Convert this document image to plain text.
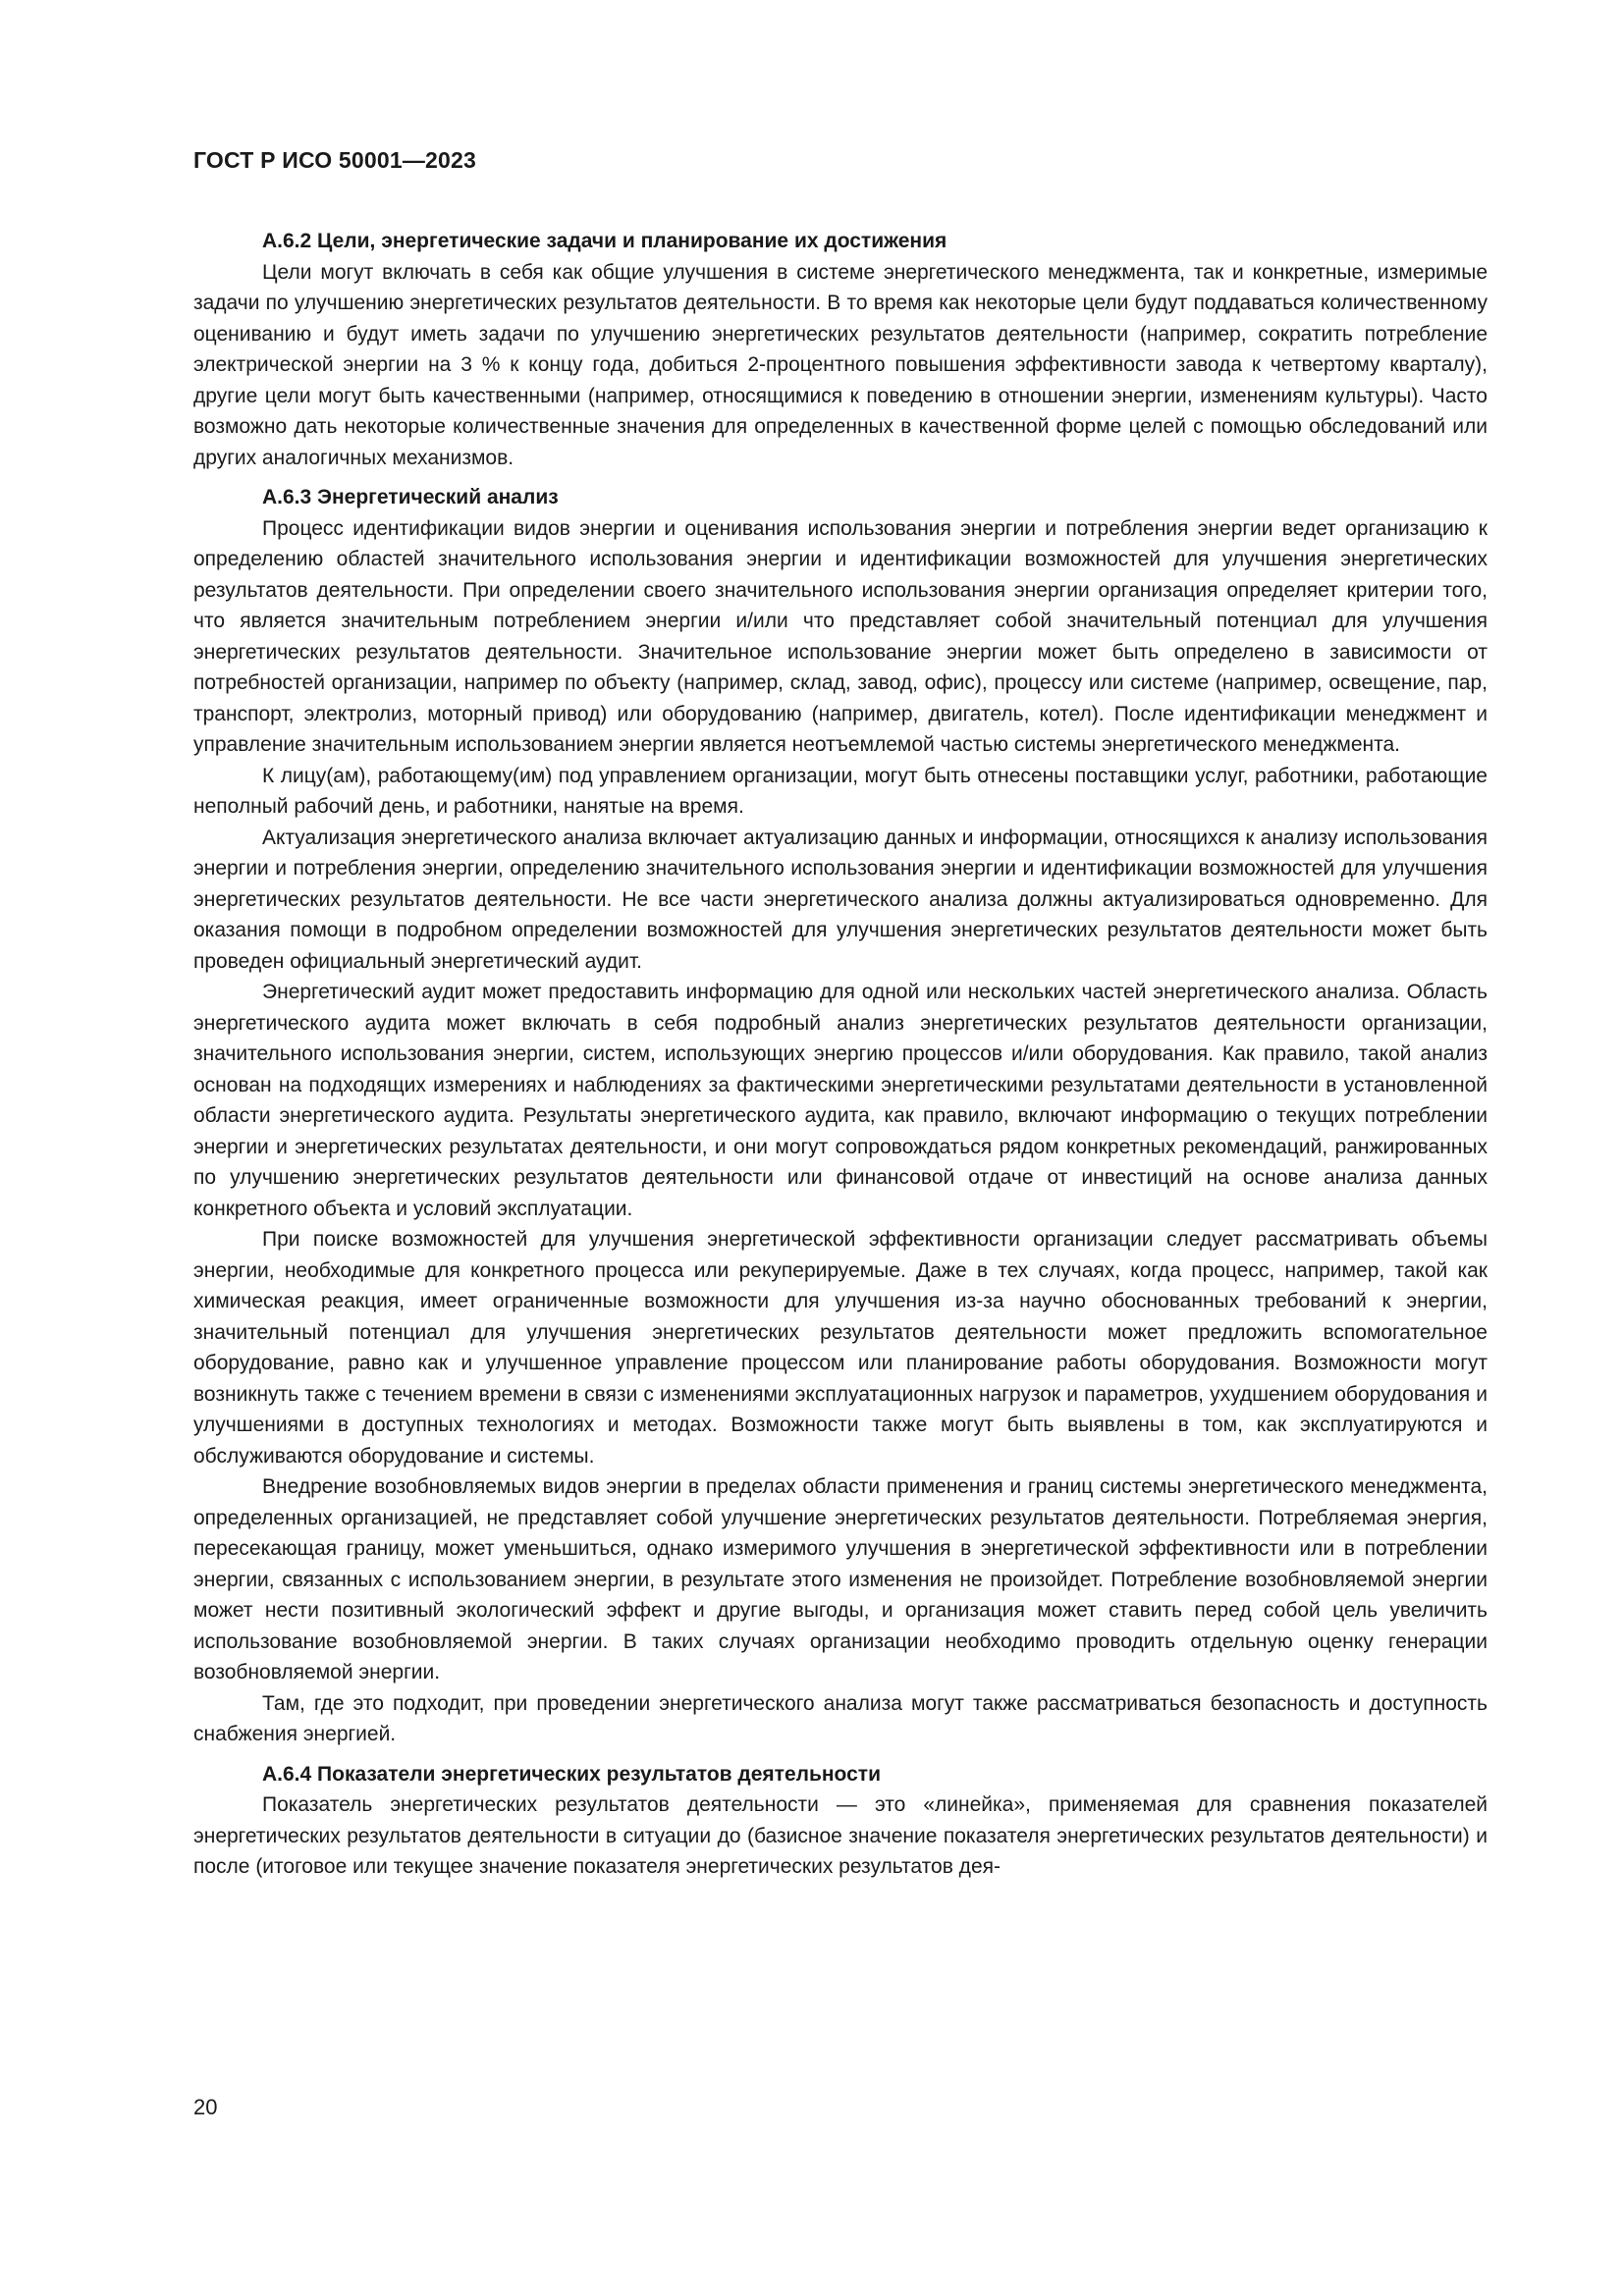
ГОСТ Р ИСО 50001—2023

А.6.2 Цели, энергетические задачи и планирование их достижения

Цели могут включать в себя как общие улучшения в системе энергетического менеджмента, так и конкретные, измеримые задачи по улучшению энергетических результатов деятельности. В то время как некоторые цели будут поддаваться количественному оцениванию и будут иметь задачи по улучшению энергетических результатов деятельности (например, сократить потребление электрической энергии на 3 % к концу года, добиться 2-процентного повышения эффективности завода к четвертому кварталу), другие цели могут быть качественными (например, относящимися к поведению в отношении энергии, изменениям культуры). Часто возможно дать некоторые количественные значения для определенных в качественной форме целей с помощью обследований или других аналогичных механизмов.

А.6.3 Энергетический анализ

Процесс идентификации видов энергии и оценивания использования энергии и потребления энергии ведет организацию к определению областей значительного использования энергии и идентификации возможностей для улучшения энергетических результатов деятельности. При определении своего значительного использования энергии организация определяет критерии того, что является значительным потреблением энергии и/или что представляет собой значительный потенциал для улучшения энергетических результатов деятельности. Значительное использование энергии может быть определено в зависимости от потребностей организации, например по объекту (например, склад, завод, офис), процессу или системе (например, освещение, пар, транспорт, электролиз, моторный привод) или оборудованию (например, двигатель, котел). После идентификации менеджмент и управление значительным использованием энергии является неотъемлемой частью системы энергетического менеджмента.

К лицу(ам), работающему(им) под управлением организации, могут быть отнесены поставщики услуг, работники, работающие неполный рабочий день, и работники, нанятые на время.

Актуализация энергетического анализа включает актуализацию данных и информации, относящихся к анализу использования энергии и потребления энергии, определению значительного использования энергии и идентификации возможностей для улучшения энергетических результатов деятельности. Не все части энергетического анализа должны актуализироваться одновременно. Для оказания помощи в подробном определении возможностей для улучшения энергетических результатов деятельности может быть проведен официальный энергетический аудит.

Энергетический аудит может предоставить информацию для одной или нескольких частей энергетического анализа. Область энергетического аудита может включать в себя подробный анализ энергетических результатов деятельности организации, значительного использования энергии, систем, использующих энергию процессов и/или оборудования. Как правило, такой анализ основан на подходящих измерениях и наблюдениях за фактическими энергетическими результатами деятельности в установленной области энергетического аудита. Результаты энергетического аудита, как правило, включают информацию о текущих потреблении энергии и энергетических результатах деятельности, и они могут сопровождаться рядом конкретных рекомендаций, ранжированных по улучшению энергетических результатов деятельности или финансовой отдаче от инвестиций на основе анализа данных конкретного объекта и условий эксплуатации.

При поиске возможностей для улучшения энергетической эффективности организации следует рассматривать объемы энергии, необходимые для конкретного процесса или рекуперируемые. Даже в тех случаях, когда процесс, например, такой как химическая реакция, имеет ограниченные возможности для улучшения из-за научно обоснованных требований к энергии, значительный потенциал для улучшения энергетических результатов деятельности может предложить вспомогательное оборудование, равно как и улучшенное управление процессом или планирование работы оборудования. Возможности могут возникнуть также с течением времени в связи с изменениями эксплуатационных нагрузок и параметров, ухудшением оборудования и улучшениями в доступных технологиях и методах. Возможности также могут быть выявлены в том, как эксплуатируются и обслуживаются оборудование и системы.

Внедрение возобновляемых видов энергии в пределах области применения и границ системы энергетического менеджмента, определенных организацией, не представляет собой улучшение энергетических результатов деятельности. Потребляемая энергия, пересекающая границу, может уменьшиться, однако измеримого улучшения в энергетической эффективности или в потреблении энергии, связанных с использованием энергии, в результате этого изменения не произойдет. Потребление возобновляемой энергии может нести позитивный экологический эффект и другие выгоды, и организация может ставить перед собой цель увеличить использование возобновляемой энергии. В таких случаях организации необходимо проводить отдельную оценку генерации возобновляемой энергии.

Там, где это подходит, при проведении энергетического анализа могут также рассматриваться безопасность и доступность снабжения энергией.

А.6.4 Показатели энергетических результатов деятельности

Показатель энергетических результатов деятельности — это «линейка», применяемая для сравнения показателей энергетических результатов деятельности в ситуации до (базисное значение показателя энергетических результатов деятельности) и после (итоговое или текущее значение показателя энергетических результатов дея-

20
